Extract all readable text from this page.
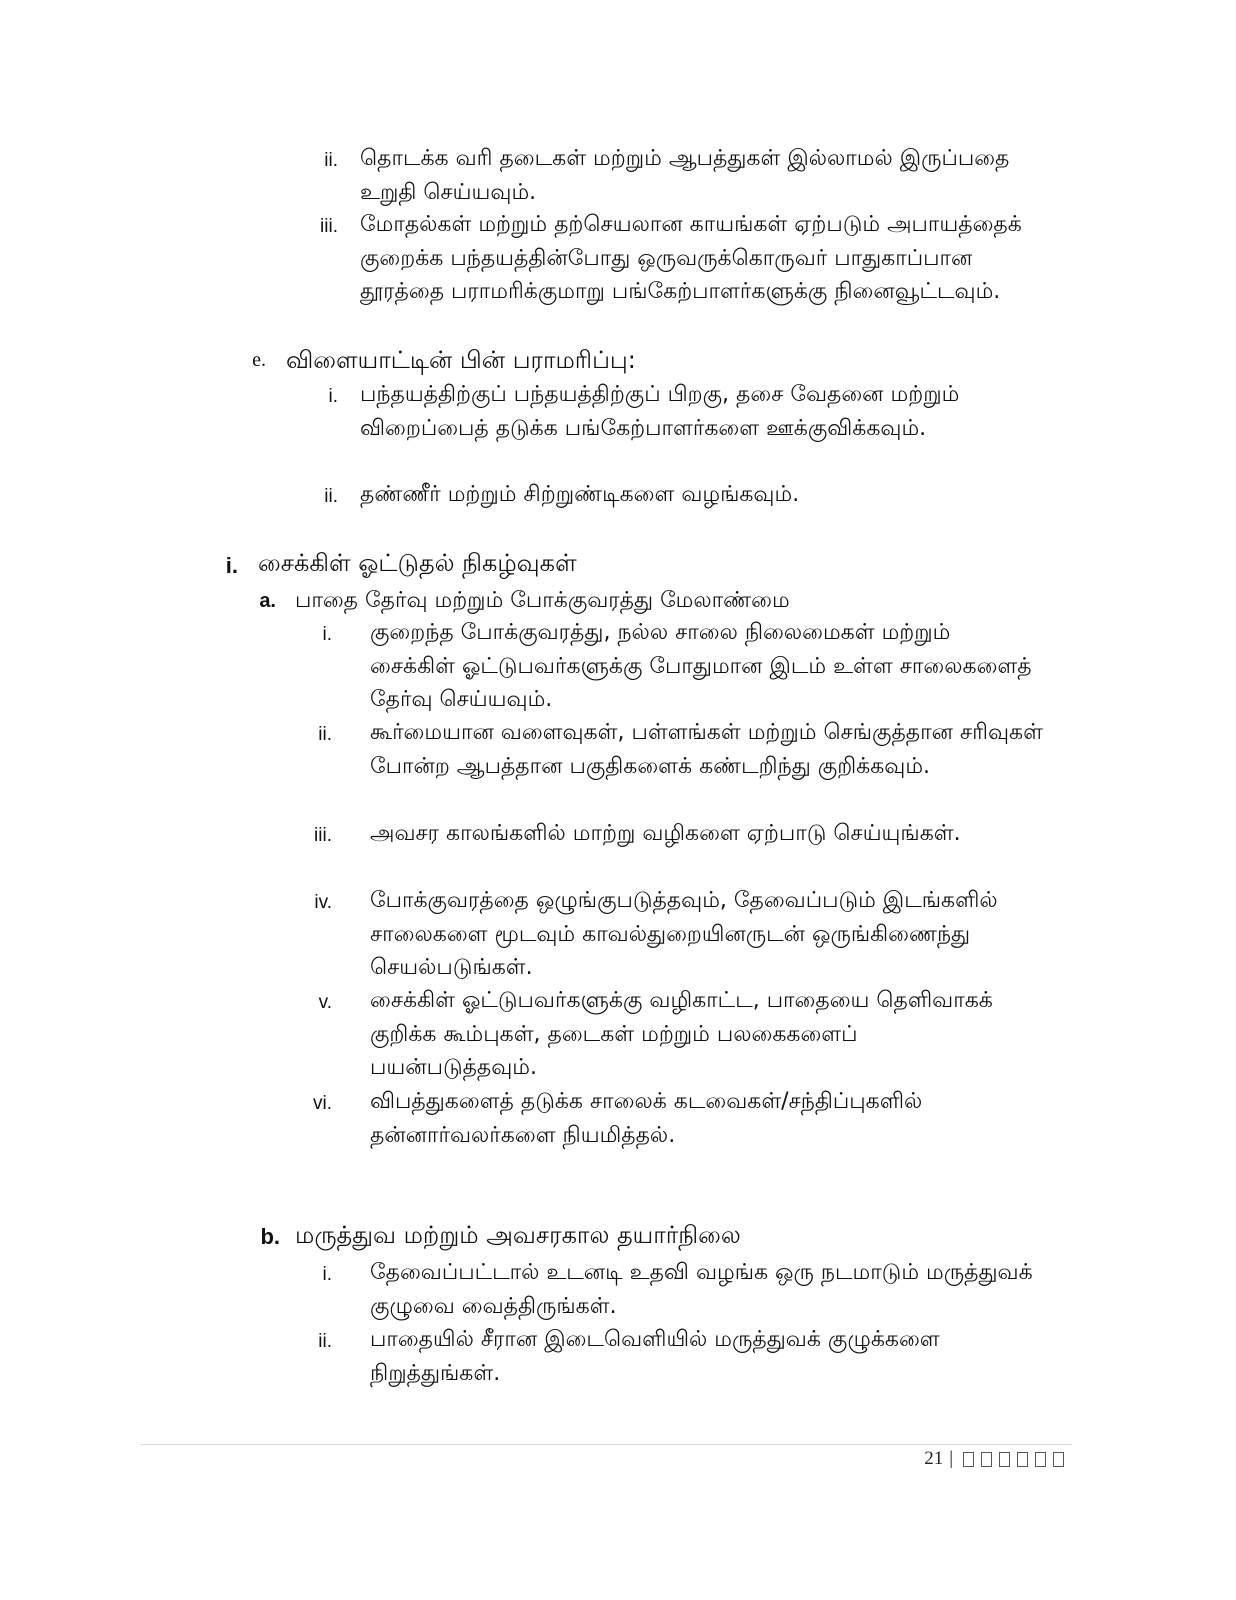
ii. தொடக்க வரி தடைகள் மற்றும் ஆபத்துகள் இல்லாமல் இருப்பதை உறுதி செய்யவும்.
iii. மோதல்கள் மற்றும் தற்செயலான காயங்கள் ஏற்படும் அபாயத்தைக் குறைக்க பந்தயத்தின்போது ஒருவருக்கொருவர் பாதுகாப்பான தூரத்தை பராமரிக்குமாறு பங்கேற்பாளர்களுக்கு நினைவூட்டவும்.
e. விளையாட்டின் பின் பராமரிப்பு:
i. பந்தயத்திற்குப் பந்தயத்திற்குப் பிறகு, தசை வேதனை மற்றும் விறைப்பைத் தடுக்க பங்கேற்பாளர்களை ஊக்குவிக்கவும்.
ii. தண்ணீர் மற்றும் சிற்றுண்டிகளை வழங்கவும்.
i. சைக்கிள் ஓட்டுதல் நிகழ்வுகள்
a. பாதை தேர்வு மற்றும் போக்குவரத்து மேலாண்மை
i. குறைந்த போக்குவரத்து, நல்ல சாலை நிலைமைகள் மற்றும் சைக்கிள் ஓட்டுபவர்களுக்கு போதுமான இடம் உள்ள சாலைகளைத் தேர்வு செய்யவும்.
ii. கூர்மையான வளைவுகள், பள்ளங்கள் மற்றும் செங்குத்தான சரிவுகள் போன்ற ஆபத்தான பகுதிகளைக் கண்டறிந்து குறிக்கவும்.
iii. அவசர காலங்களில் மாற்று வழிகளை ஏற்பாடு செய்யுங்கள்.
iv. போக்குவரத்தை ஒழுங்குபடுத்தவும், தேவைப்படும் இடங்களில் சாலைகளை மூடவும் காவல்துறையினருடன் ஒருங்கிணைந்து செயல்படுங்கள்.
v. சைக்கிள் ஓட்டுபவர்களுக்கு வழிகாட்ட, பாதையை தெளிவாகக் குறிக்க கூம்புகள், தடைகள் மற்றும் பலகைகளைப் பயன்படுத்தவும்.
vi. விபத்துகளைத் தடுக்க சாலைக் கடவைகள்/சந்திப்புகளில் தன்னார்வலர்களை நியமித்தல்.
b. மருத்துவ மற்றும் அவசரகால தயார்நிலை
i. தேவைப்பட்டால் உடனடி உதவி வழங்க ஒரு நடமாடும் மருத்துவக் குழுவை வைத்திருங்கள்.
ii. பாதையில் சீரான இடைவெளியில் மருத்துவக் குழுக்களை நிறுத்துங்கள்.
21 |
